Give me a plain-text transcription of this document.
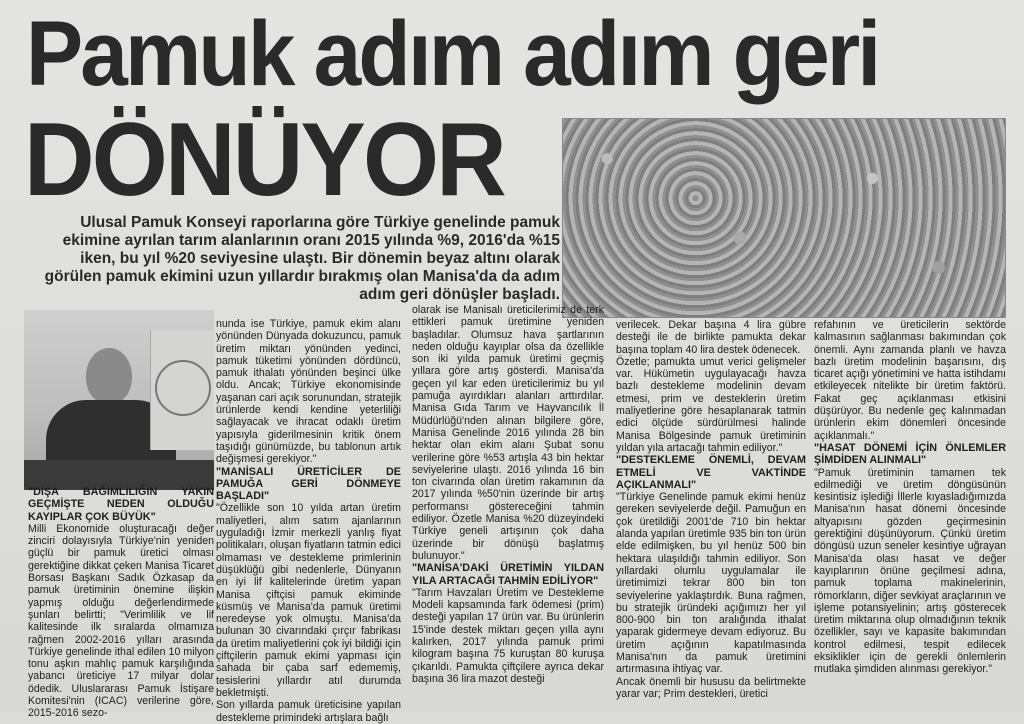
Pamuk adım adım geri
DÖNÜYOR
Ulusal Pamuk Konseyi raporlarına göre Türkiye genelinde pamuk ekimine ayrılan tarım alanlarının oranı 2015 yılında %9, 2016'da %15 iken, bu yıl %20 seviyesine ulaştı. Bir dönemin beyaz altını olarak görülen pamuk ekimini uzun yıllardır bırakmış olan Manisa'da da adım adım geri dönüşler başladı.

"DIŞA BAĞIMLILIĞIN YAKIN GEÇMİŞTE NEDEN OLDUĞU KAYIPLAR ÇOK BÜYÜK"

Milli Ekonomide oluşturacağı değer zinciri dolayısıyla Türkiye'nin yeniden güçlü bir pamuk üretici olması gerektiğine dikkat çeken Manisa Ticaret Borsası Başkanı Sadık Özkasap da pamuk üretiminin önemine ilişkin yapmış olduğu değerlendirmede şunları belirtti; "Verimlilik ve lif kalitesinde ilk sıralarda olmamıza rağmen 2002-2016 yılları arasında Türkiye genelinde ithal edilen 10 milyon tonu aşkın mahlıç pamuk karşılığında yabancı üreticiye 17 milyar dolar ödedik. Uluslararası Pamuk İstişare Komitesi'nin (ICAC) verilerine göre, 2015-2016 sezo-

nunda ise Türkiye, pamuk ekim alanı yönünden Dünyada dokuzuncu, pamuk üretim miktarı yönünden yedinci, pamuk tüketimi yönünden dördüncü, pamuk ithalatı yönünden beşinci ülke oldu. Ancak; Türkiye ekonomisinde yaşanan cari açık sorunundan, stratejik ürünlerde kendi kendine yeterliliği sağlayacak ve ihracat odaklı üretim yapısıyla giderilmesinin kritik önem taşıdığı günümüzde, bu tablonun artık değişmesi gerekiyor."

"MANİSALI ÜRETİCİLER DE PAMUĞA GERİ DÖNMEYE BAŞLADI"

"Özellikle son 10 yılda artan üretim maliyetleri, alım satım ajanlarının uyguladığı İzmir merkezli yanlış fiyat politikaları, oluşan fiyatların tatmin edici olmaması ve destekleme primlerinin düşüklüğü gibi nedenlerle, Dünyanın en iyi lif kalitelerinde üretim yapan Manisa çiftçisi pamuk ekiminde küsmüş ve Manisa'da pamuk üretimi neredeyse yok olmuştu. Manisa'da bulunan 30 civarındaki çırçır fabrikası da üretim maliyetlerini çok iyi bildiği için çiftçilerin pamuk ekimi yapması için sahada bir çaba sarf edememiş, tesislerini yıllardır atıl durumda bekletmişti.

Son yıllarda pamuk üreticisine yapılan destekleme primindeki artışlara bağlı

olarak ise Manisalı üreticilerimiz de terk ettikleri pamuk üretimine yeniden başladılar. Olumsuz hava şartlarının neden olduğu kayıplar olsa da özellikle son iki yılda pamuk üretimi geçmiş yıllara göre artış gösterdi. Manisa'da geçen yıl kar eden üreticilerimiz bu yıl pamuğa ayırdıkları alanları arttırdılar. Manisa Gıda Tarım ve Hayvancılık İl Müdürlüğü'nden alınan bilgilere göre, Manisa Genelinde 2016 yılında 28 bin hektar olan ekim alanı Şubat sonu verilerine göre %53 artışla 43 bin hektar seviyelerine ulaştı. 2016 yılında 16 bin ton civarında olan üretim rakamının da 2017 yılında %50'nin üzerinde bir artış performansı göstereceğini tahmin ediliyor. Özetle Manisa %20 düzeyindeki Türkiye geneli artışının çok daha üzerinde bir dönüşü başlatmış bulunuyor."

"MANİSA'DAKİ ÜRETİMİN YILDAN YILA ARTACAĞI TAHMİN EDİLİYOR"

"Tarım Havzaları Üretim ve Destekleme Modeli kapsamında fark ödemesi (prim) desteği yapılan 17 ürün var. Bu ürünlerin 15'inde destek miktarı geçen yılla aynı kalırken, 2017 yılında pamuk primi kilogram başına 75 kuruştan 80 kuruşa çıkarıldı. Pamukta çiftçilere ayrıca dekar başına 36 lira mazot desteği

verilecek. Dekar başına 4 lira gübre desteği ile de birlikte pamukta dekar başına toplam 40 lira destek ödenecek.

Özetle; pamukta umut verici gelişmeler var. Hükümetin uygulayacağı havza bazlı destekleme modelinin devam etmesi, prim ve desteklerin üretim maliyetlerine göre hesaplanarak tatmin edici ölçüde sürdürülmesi halinde Manisa Bölgesinde pamuk üretiminin yıldan yıla artacağı tahmin ediliyor."

"DESTEKLEME ÖNEMLİ, DEVAM ETMELİ VE VAKTİNDE AÇIKLANMALI"

"Türkiye Genelinde pamuk ekimi henüz gereken seviyelerde değil. Pamuğun en çok üretildiği 2001'de 710 bin hektar alanda yapılan üretimle 935 bin ton ürün elde edilmişken, bu yıl henüz 500 bin hektara ulaşıldığı tahmin ediliyor. Son yıllardaki olumlu uygulamalar ile üretimimizi tekrar 800 bin ton seviyelerine yaklaştırdık. Buna rağmen, bu stratejik üründeki açığımızı her yıl 800-900 bin ton aralığında ithalat yaparak gidermeye devam ediyoruz. Bu üretim açığının kapatılmasında Manisa'nın da pamuk üretimini artırmasına ihtiyaç var.

Ancak önemli bir hususu da belirtmekte yarar var; Prim destekleri, üretici

refahının ve üreticilerin sektörde kalmasının sağlanması bakımından çok önemli. Aynı zamanda planlı ve havza bazlı üretim modelinin başarısını, dış ticaret açığı yönetimini ve hatta istihdamı etkileyecek nitelikte bir üretim faktörü. Fakat geç açıklanması etkisini düşürüyor. Bu nedenle geç kalınmadan ürünlerin ekim dönemleri öncesinde açıklanmalı."

"HASAT DÖNEMİ İÇİN ÖNLEMLER ŞİMDİDEN ALINMALI"

"Pamuk üretiminin tamamen tek edilmediği ve üretim döngüsünün kesintisiz işlediği İllerle kıyasladığımızda Manisa'nın hasat dönemi öncesinde altyapısını gözden geçirmesinin gerektiğini düşünüyorum. Çünkü üretim döngüsü uzun seneler kesintiye uğrayan Manisa'da olası hasat ve değer kayıplarının önüne geçilmesi adına, pamuk toplama makinelerinin, römorkların, diğer sevkiyat araçlarının ve işleme potansiyelinin; artış gösterecek üretim miktarına olup olmadığının teknik özellikler, sayı ve kapasite bakımından kontrol edilmesi, tespit edilecek eksiklikler için de gerekli önlemlerin mutlaka şimdiden alınması gerekiyor."
